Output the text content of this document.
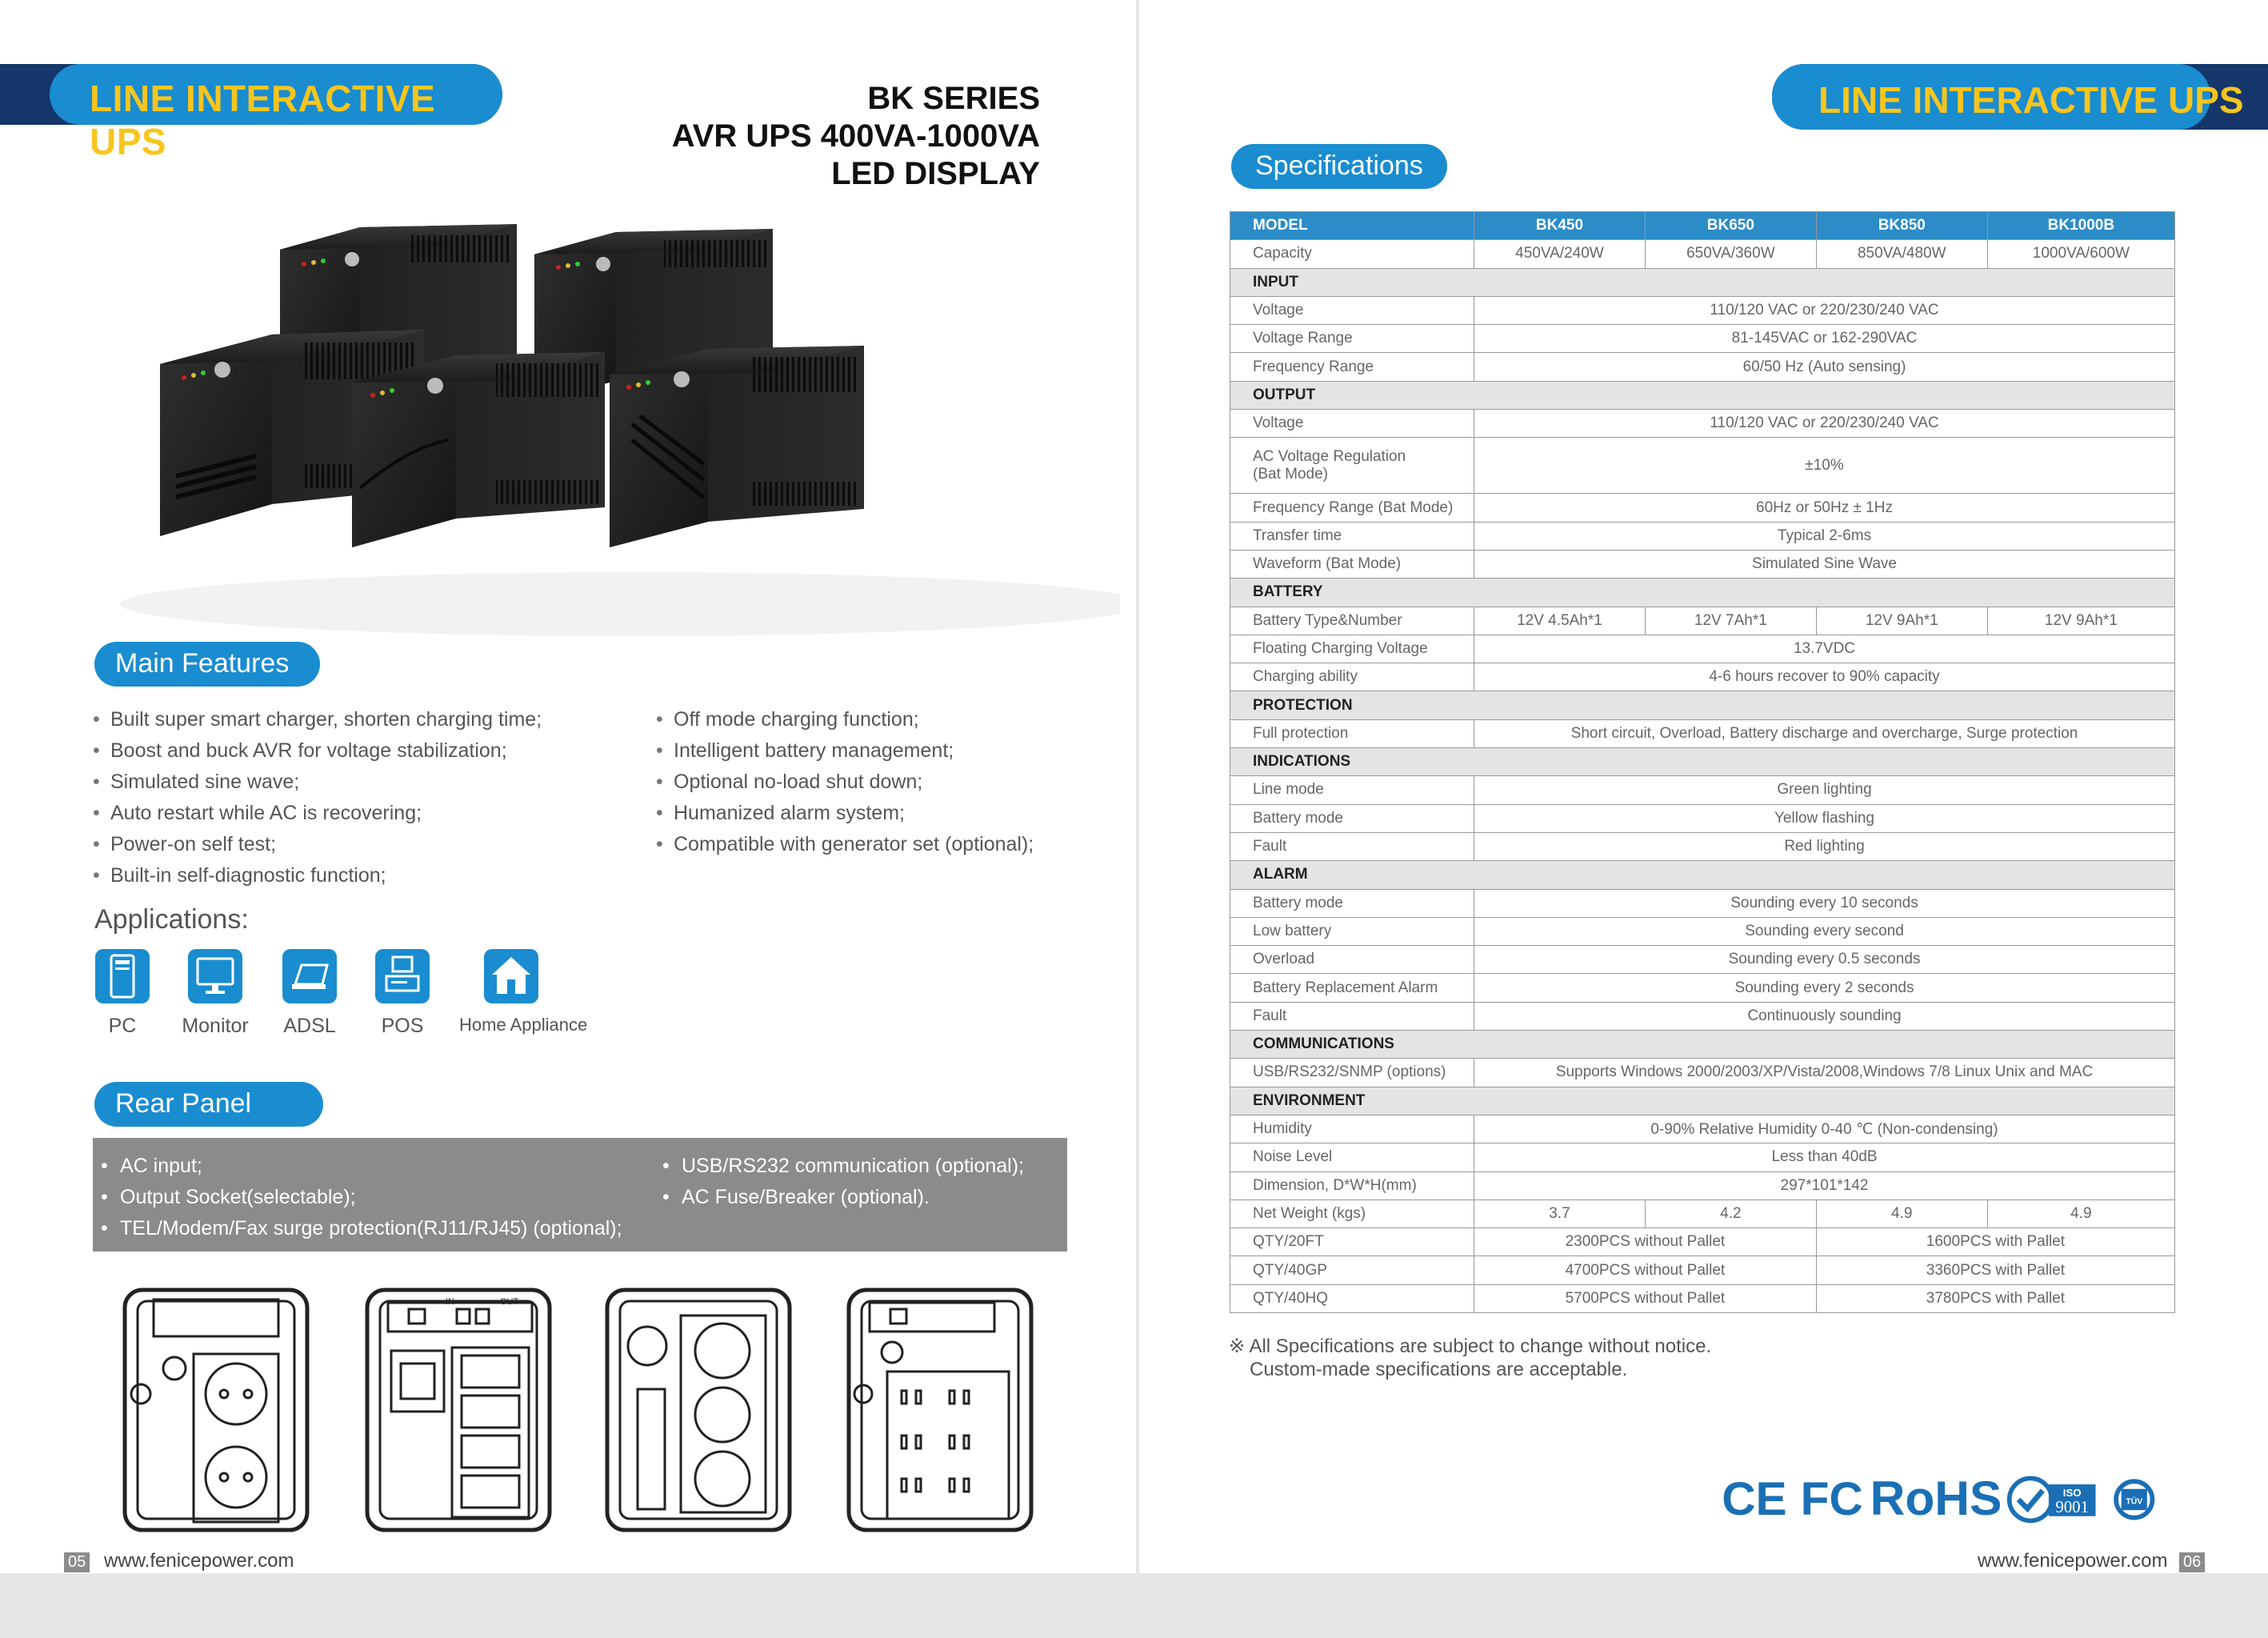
LINE INTERACTIVE UPS
BK SERIES
AVR UPS 400VA-1000VA
LED DISPLAY
Main Features
• Built super smart charger, shorten charging time;
• Boost and buck AVR for voltage stabilization;
• Simulated sine wave;
• Auto restart while AC is recovering;
• Power-on self test;
• Built-in self-diagnostic function;
• Off mode charging function;
• Intelligent battery management;
• Optional no-load shut down;
• Humanized alarm system;
• Compatible with generator set (optional);
Applications:
PC	Monitor	ADSL	POS	Home Appliance
Rear Panel
• AC input;
• Output Socket(selectable);
• TEL/Modem/Fax surge protection(RJ11/RJ45) (optional);
• USB/RS232 communication (optional);
• AC Fuse/Breaker (optional).
IN	OUT
05 www.fenicepower.com
LINE INTERACTIVE UPS
Specifications
MODEL	BK450	BK650	BK850	BK1000B
Capacity	450VA/240W	650VA/360W	850VA/480W	1000VA/600W
INPUT				
Voltage	110/120 VAC or 220/230/240 VAC			
Voltage Range	81-145VAC or 162-290VAC			
Frequency Range	60/50 Hz (Auto sensing)			
OUTPUT				
Voltage	110/120 VAC or 220/230/240 VAC			

AC Voltage Regulation
(Bat Mode)	±10%			
Frequency Range (Bat Mode)	60Hz or 50Hz ± 1Hz			
Transfer time	Typical 2-6ms			
Waveform (Bat Mode)	Simulated Sine Wave			
BATTERY				
Battery Type&Number	12V 4.5Ah*1	12V 7Ah*1	12V 9Ah*1	12V 9Ah*1
Floating Charging Voltage	13.7VDC			
Charging ability	4-6 hours recover to 90% capacity			
PROTECTION				
Full protection	Short circuit, Overload, Battery discharge and overcharge, Surge protection			
INDICATIONS				
Line mode	Green lighting			
Battery mode	Yellow flashing			
Fault	Red lighting			
ALARM				
Battery mode	Sounding every 10 seconds			
Low battery	Sounding every second			
Overload	Sounding every 0.5 seconds			
Battery Replacement Alarm	Sounding every 2 seconds			
Fault	Continuously sounding			
COMMUNICATIONS				
USB/RS232/SNMP (options)	Supports Windows 2000/2003/XP/Vista/2008,Windows 7/8 Linux Unix and MAC			
ENVIRONMENT				
Humidity	0-90% Relative Humidity 0-40 ℃ (Non-condensing)			
Noise Level	Less than 40dB			
Dimension, D*W*H(mm)	297*101*142			
Net Weight (kgs)	3.7	4.2	4.9	4.9
QTY/20FT	2300PCS without Pallet		1600PCS with Pallet	
QTY/40GP	4700PCS without Pallet		3360PCS with Pallet	
QTY/40HQ	5700PCS without Pallet		3780PCS with Pallet	
※ All Specifications are subject to change without notice.
Custom-made specifications are acceptable.
CE FC RoHS	ISO
9001	TÜV
www.fenicepower.com 06
